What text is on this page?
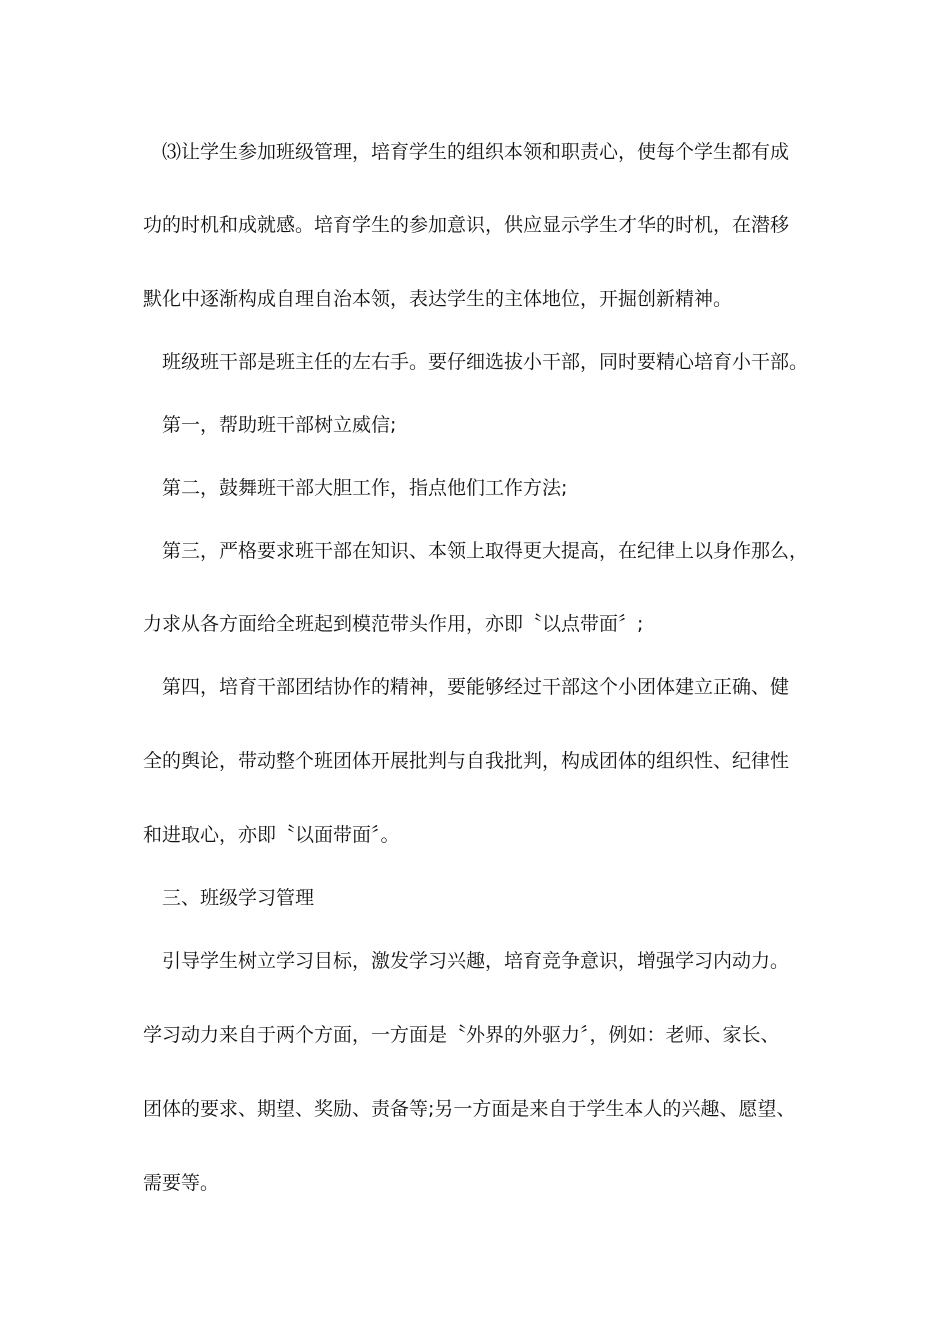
⑶让学生参加班级管理，培育学生的组织本领和职责心，使每个学生都有成
功的时机和成就感。培育学生的参加意识，供应显示学生才华的时机，在潜移
默化中逐渐构成自理自治本领，表达学生的主体地位，开掘创新精神。
班级班干部是班主任的左右手。要仔细选拔小干部，同时要精心培育小干部。
第一，帮助班干部树立威信;
第二，鼓舞班干部大胆工作，指点他们工作方法;
第三，严格要求班干部在知识、本领上取得更大提高，在纪律上以身作那么，
力求从各方面给全班起到模范带头作用，亦即〝以点带面〞;
第四，培育干部团结协作的精神，要能够经过干部这个小团体建立正确、健
全的舆论，带动整个班团体开展批判与自我批判，构成团体的组织性、纪律性
和进取心，亦即〝以面带面〞。
三、班级学习管理
引导学生树立学习目标，激发学习兴趣，培育竞争意识，增强学习内动力。
学习动力来自于两个方面，一方面是〝外界的外驱力〞，例如：老师、家长、
团体的要求、期望、奖励、责备等;另一方面是来自于学生本人的兴趣、愿望、
需要等。
